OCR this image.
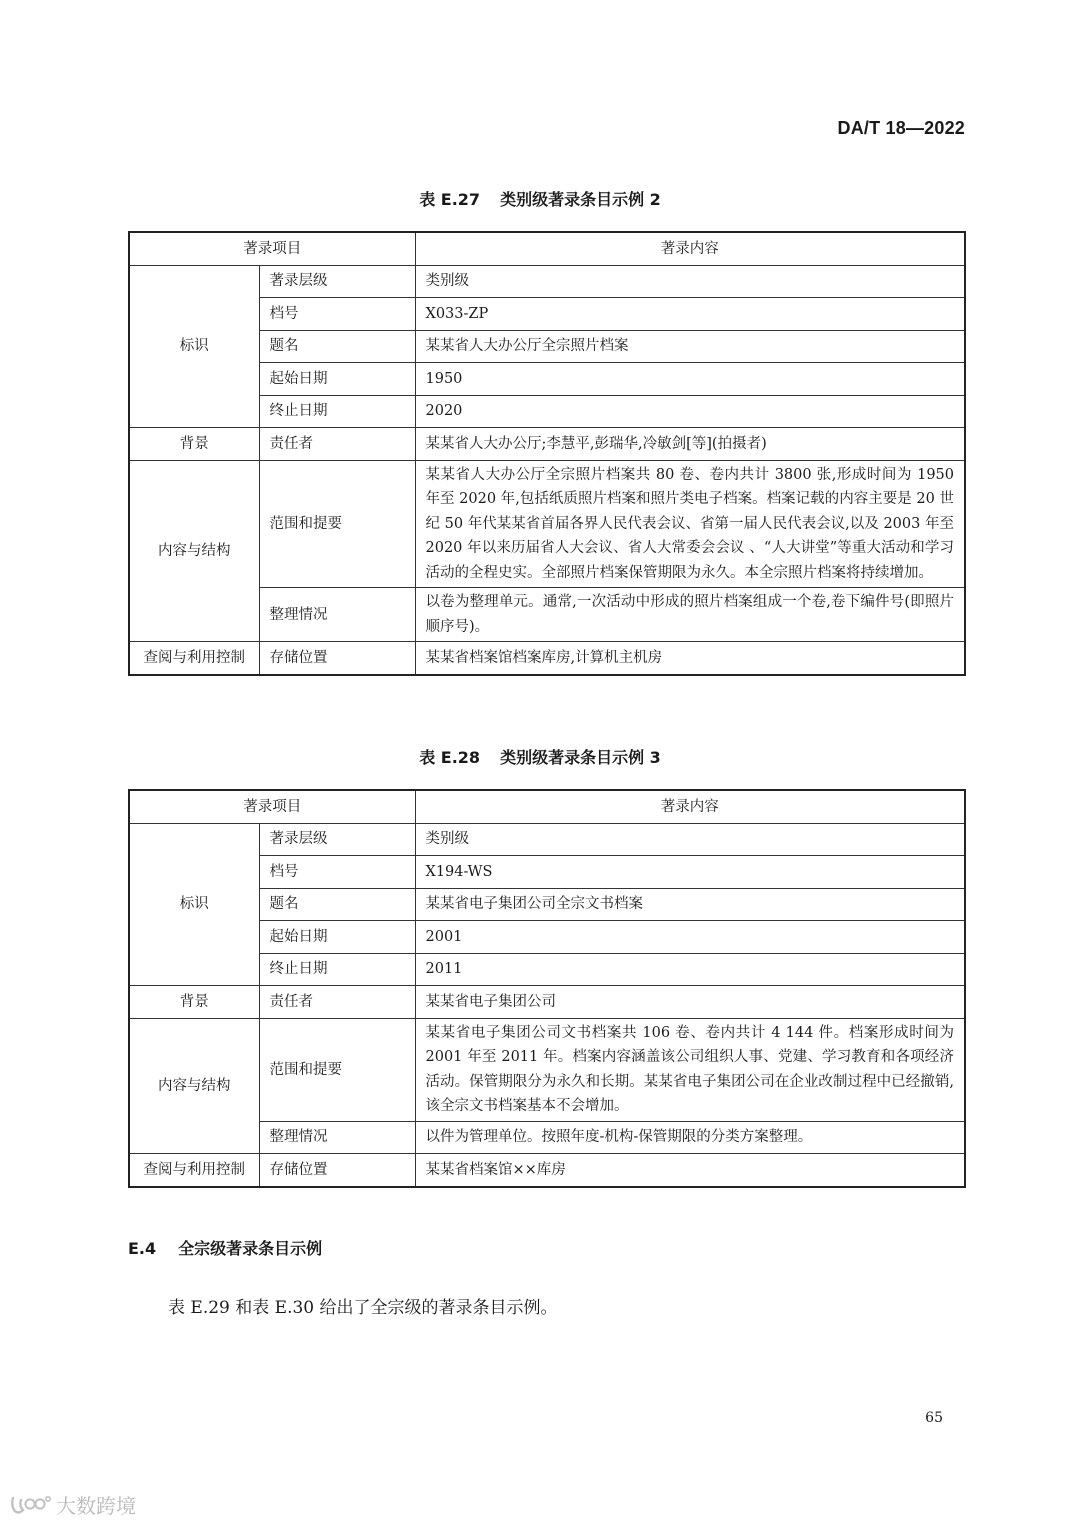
DA/T 18—2022
表 E.27 类别级著录条目示例 2
著录项目		著录内容
标识	著录层级	类别级
	档号	X033-ZP
	题名	某某省人大办公厅全宗照片档案
	起始日期	1950
	终止日期	2020
背景	责任者	某某省人大办公厅;李慧平,彭瑞华,冷敏剑[等](拍摄者)
内容与结构	范围和提要	某某省人大办公厅全宗照片档案共 80 卷、卷内共计 3800 张,形成时间为 1950 年至 2020 年,包括纸质照片档案和照片类电子档案。档案记载的内容主要是 20 世纪 50 年代某某省首届各界人民代表会议、省第一届人民代表会议,以及 2003 年至 2020 年以来历届省人大会议、省人大常委会会议 、“人大讲堂”等重大活动和学习活动的全程史实。全部照片档案保管期限为永久。本全宗照片档案将持续增加。
	整理情况	以卷为整理单元。通常,一次活动中形成的照片档案组成一个卷,卷下编件号(即照片顺序号)。
查阅与利用控制	存储位置	某某省档案馆档案库房,计算机主机房
表 E.28 类别级著录条目示例 3
著录项目		著录内容
标识	著录层级	类别级
	档号	X194-WS
	题名	某某省电子集团公司全宗文书档案
	起始日期	2001
	终止日期	2011
背景	责任者	某某省电子集团公司
内容与结构	范围和提要	某某省电子集团公司文书档案共 106 卷、卷内共计 4 144 件。档案形成时间为 2001 年至 2011 年。档案内容涵盖该公司组织人事、党建、学习教育和各项经济活动。保管期限分为永久和长期。某某省电子集团公司在企业改制过程中已经撤销,该全宗文书档案基本不会增加。
	整理情况	以件为管理单位。按照年度-机构-保管期限的分类方案整理。
查阅与利用控制	存储位置	某某省档案馆××库房
E.4 全宗级著录条目示例
表 E.29 和表 E.30 给出了全宗级的著录条目示例。
65
大数跨境
